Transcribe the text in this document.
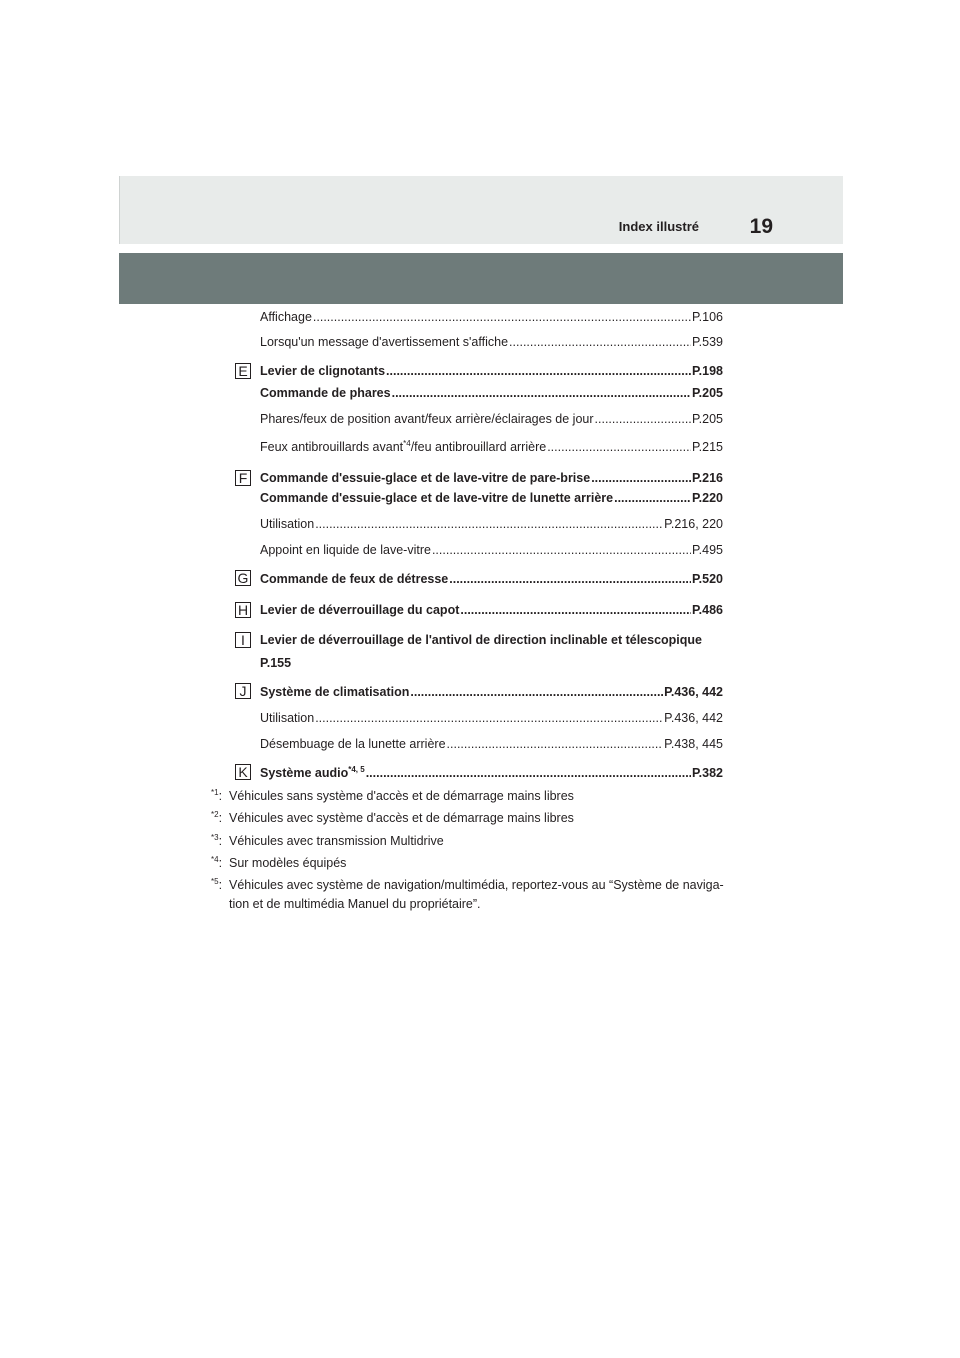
Index illustré 19
E
F
G
H
I
J
K
Affichage .....	P.106
Lorsqu'un message d'avertissement s'affiche .....	P.539
Levier de clignotants .....	P.198
Commande de phares .....	P.205
Phares/feux de position avant/feux arrière/éclairages de jour .....	P.205
Feux antibrouillards avant$^{*4}$/feu antibrouillard arrière .....	P.215
Commande d'essuie-glace et de lave-vitre de pare-brise .....	P.216
Commande d'essuie-glace et de lave-vitre de lunette arrière .....	P.220
Utilisation .....	P.216, 220
Appoint en liquide de lave-vitre .....	P.495
Commande de feux de détresse .....	P.520
Levier de déverrouillage du capot .....	P.486
Levier de déverrouillage de l'antivol de direction inclinable et télescopique
P.155
Système de climatisation .....	P.436, 442
Utilisation .....	P.436, 442
Désembuage de la lunette arrière .....	P.438, 445
Système audio$^{*4, 5}$ .....	P.382
$^{*1}$: Véhicules sans système d'accès et de démarrage mains libres
$^{*2}$: Véhicules avec système d'accès et de démarrage mains libres
$^{*3}$: Véhicules avec transmission Multidrive
$^{*4}$: Sur modèles équipés
$^{*5}$: Véhicules avec système de navigation/multimédia, reportez-vous au “Système de naviga-tion et de multimédia Manuel du propriétaire”.
